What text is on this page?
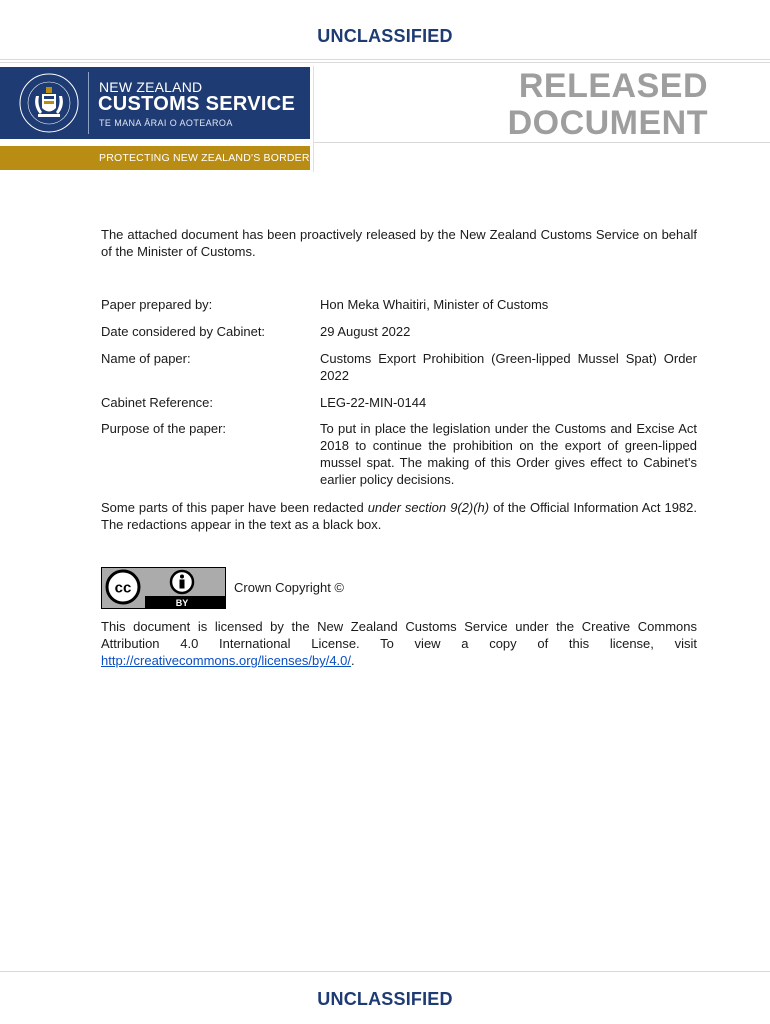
UNCLASSIFIED
NEW ZEALAND
CUSTOMS SERVICE
TE MANA ĀRAI O AOTEAROA
PROTECTING NEW ZEALAND'S BORDER
RELEASED
DOCUMENT
The attached document has been proactively released by the New Zealand Customs Service on behalf of the Minister of Customs.
Paper prepared by:	Hon Meka Whaitiri, Minister of Customs
Date considered by Cabinet:	29 August 2022
Name of paper:	Customs Export Prohibition (Green-lipped Mussel Spat) Order 2022
Cabinet Reference:	LEG-22-MIN-0144
Purpose of the paper:	To put in place the legislation under the Customs and Excise Act 2018 to continue the prohibition on the export of green-lipped mussel spat. The making of this Order gives effect to Cabinet's earlier policy decisions.
Some parts of this paper have been redacted under section 9(2)(h) of the Official Information Act 1982. The redactions appear in the text as a black box.
cc
BY
Crown Copyright ©
This document is licensed by the New Zealand Customs Service under the Creative Commons Attribution 4.0 International License. To view a copy of this license, visit http://creativecommons.org/licenses/by/4.0/.
UNCLASSIFIED
